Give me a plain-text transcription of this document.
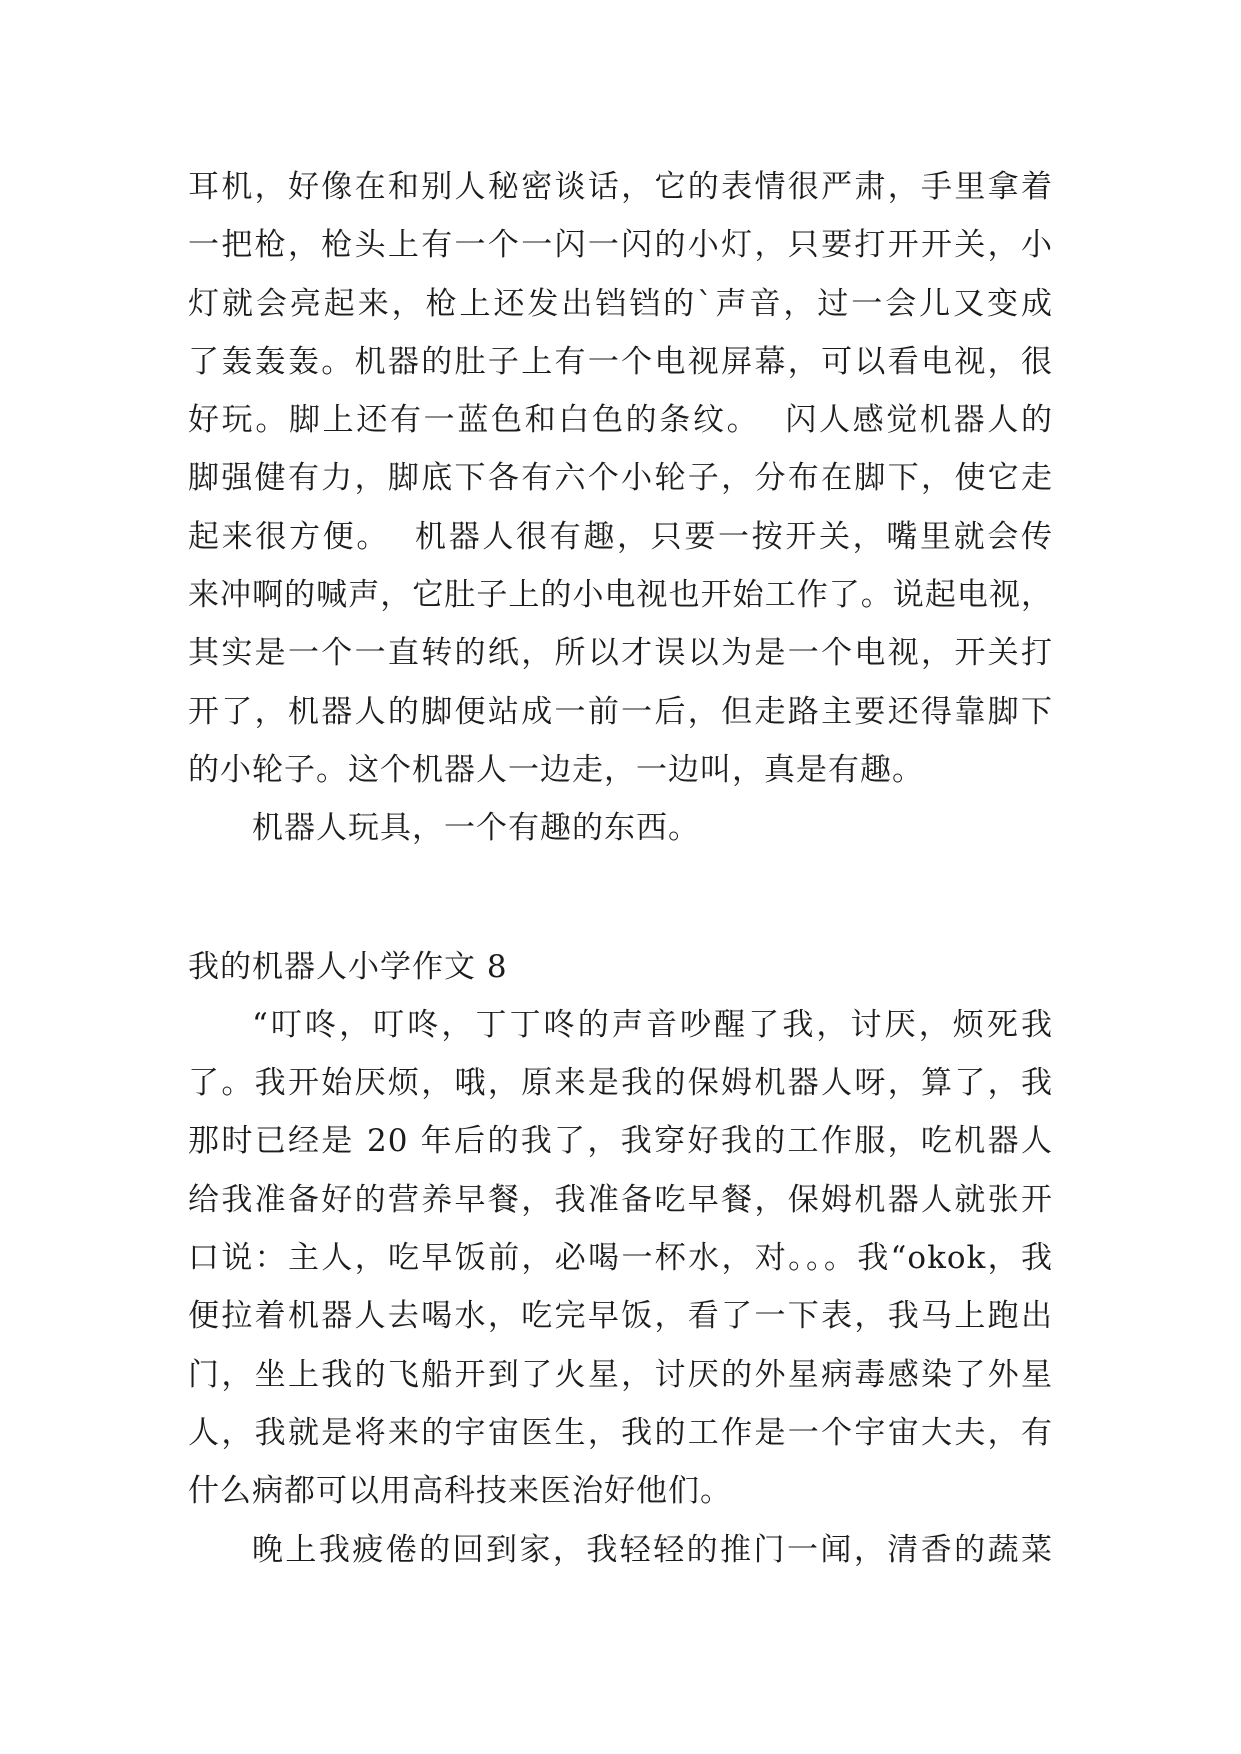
耳机，好像在和别人秘密谈话，它的表情很严肃，手里拿着
一把枪，枪头上有一个一闪一闪的小灯，只要打开开关，小
灯就会亮起来，枪上还发出铛铛的`声音，过一会儿又变成
了轰轰轰。机器的肚子上有一个电视屏幕，可以看电视，很
好玩。脚上还有一蓝色和白色的条纹。  闪人感觉机器人的
脚强健有力，脚底下各有六个小轮子，分布在脚下，使它走
起来很方便。  机器人很有趣，只要一按开关，嘴里就会传
来冲啊的喊声，它肚子上的小电视也开始工作了。说起电视，
其实是一个一直转的纸，所以才误以为是一个电视，开关打
开了，机器人的脚便站成一前一后，但走路主要还得靠脚下
的小轮子。这个机器人一边走，一边叫，真是有趣。
机器人玩具，一个有趣的东西。
我的机器人小学作文 8
“叮咚，叮咚，丁丁咚的声音吵醒了我，讨厌，烦死我
了。我开始厌烦，哦，原来是我的保姆机器人呀，算了，我
那时已经是 20 年后的我了，我穿好我的工作服，吃机器人
给我准备好的营养早餐，我准备吃早餐，保姆机器人就张开
口说：主人，吃早饭前，必喝一杯水，对。。。我“okok，我
便拉着机器人去喝水，吃完早饭，看了一下表，我马上跑出
门，坐上我的飞船开到了火星，讨厌的外星病毒感染了外星
人，我就是将来的宇宙医生，我的工作是一个宇宙大夫，有
什么病都可以用高科技来医治好他们。
晚上我疲倦的回到家，我轻轻的推门一闻，清香的蔬菜
